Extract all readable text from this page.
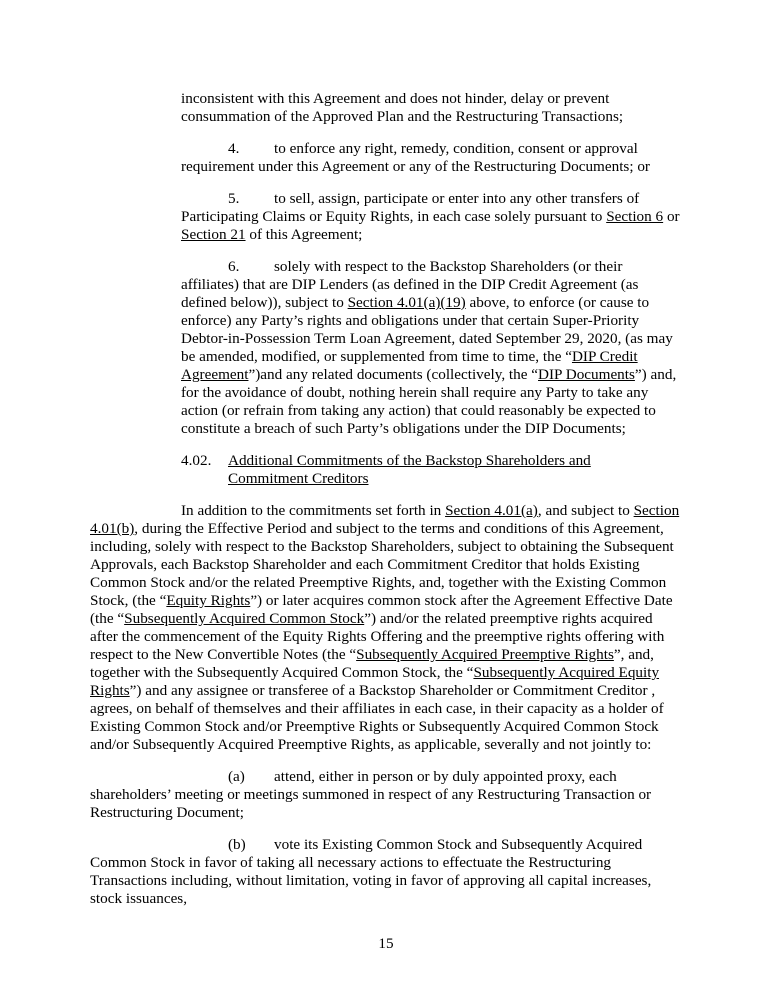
inconsistent with this Agreement and does not hinder, delay or prevent consummation of the Approved Plan and the Restructuring Transactions;

4. to enforce any right, remedy, condition, consent or approval requirement under this Agreement or any of the Restructuring Documents; or

5. to sell, assign, participate or enter into any other transfers of Participating Claims or Equity Rights, in each case solely pursuant to Section 6 or Section 21 of this Agreement;

6. solely with respect to the Backstop Shareholders (or their affiliates) that are DIP Lenders (as defined in the DIP Credit Agreement (as defined below)), subject to Section 4.01(a)(19) above, to enforce (or cause to enforce) any Party’s rights and obligations under that certain Super-Priority Debtor-in-Possession Term Loan Agreement, dated September 29, 2020, (as may be amended, modified, or supplemented from time to time, the “DIP Credit Agreement”)and any related documents (collectively, the “DIP Documents”) and, for the avoidance of doubt, nothing herein shall require any Party to take any action (or refrain from taking any action) that could reasonably be expected to constitute a breach of such Party’s obligations under the DIP Documents;

4.02. Additional Commitments of the Backstop Shareholders and
Commitment Creditors

In addition to the commitments set forth in Section 4.01(a), and subject to Section 4.01(b), during the Effective Period and subject to the terms and conditions of this Agreement, including, solely with respect to the Backstop Shareholders, subject to obtaining the Subsequent Approvals, each Backstop Shareholder and each Commitment Creditor that holds Existing Common Stock and/or the related Preemptive Rights, and, together with the Existing Common Stock, (the “Equity Rights”) or later acquires common stock after the Agreement Effective Date (the “Subsequently Acquired Common Stock”) and/or the related preemptive rights acquired after the commencement of the Equity Rights Offering and the preemptive rights offering with respect to the New Convertible Notes (the “Subsequently Acquired Preemptive Rights”, and, together with the Subsequently Acquired Common Stock, the “Subsequently Acquired Equity Rights”) and any assignee or transferee of a Backstop Shareholder or Commitment Creditor , agrees, on behalf of themselves and their affiliates in each case, in their capacity as a holder of Existing Common Stock and/or Preemptive Rights or Subsequently Acquired Common Stock and/or Subsequently Acquired Preemptive Rights, as applicable, severally and not jointly to:

(a) attend, either in person or by duly appointed proxy, each shareholders’ meeting or meetings summoned in respect of any Restructuring Transaction or Restructuring Document;

(b) vote its Existing Common Stock and Subsequently Acquired Common Stock in favor of taking all necessary actions to effectuate the Restructuring Transactions including, without limitation, voting in favor of approving all capital increases, stock issuances,

15
